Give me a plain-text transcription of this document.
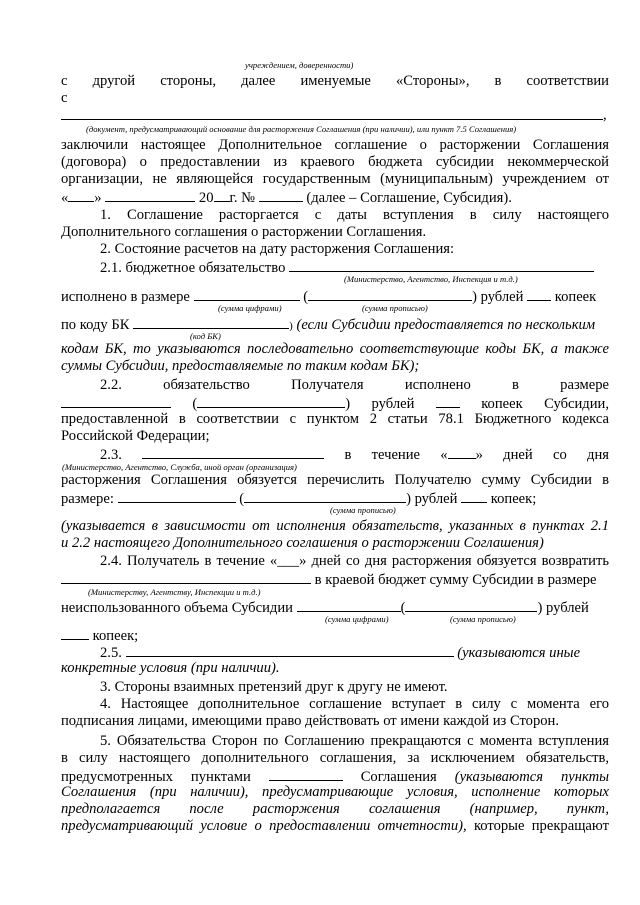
учреждением, доверенности)
с другой стороны, далее именуемые «Стороны», в соответствии
с
,
(документ, предусматривающий основание для расторжения Соглашения (при наличии), или пункт 7.5 Соглашения)
заключили настоящее Дополнительное соглашение о расторжении Соглашения
(договора) о предоставлении из краевого бюджета субсидии некоммерческой
организации, не являющейся государственным (муниципальным) учреждением от
« »	20 г. №	(далее – Соглашение, Субсидия).
1. Соглашение расторгается с даты вступления в силу настоящего
Дополнительного соглашения о расторжении Соглашения.
2. Состояние расчетов на дату расторжения Соглашения:
2.1. бюджетное обязательство
(Министерство, Агентство, Инспекция и т.д.)
исполнено в размере	(	) рублей копеек
(сумма цифрами)	(сумма прописью)
по коду БК	) (если Субсидии предоставляется по нескольким
(код БК)
кодам БК, то указываются последовательно соответствующие коды БК, а также
суммы Субсидии, предоставляемые по таким кодам БК);
2.2. обязательство Получателя исполнено в размере
(	) рублей	копеек Субсидии,
предоставленной в соответствии с пунктом 2 статьи 78.1 Бюджетного кодекса
Российской Федерации;
2.3.	в течение « » дней со дня
(Министерство, Агентство, Служба, иной орган (организация)
расторжения Соглашения обязуется перечислить Получателю сумму Субсидии в
размере:	(	) рублей копеек;
(сумма прописью)
(указывается в зависимости от исполнения обязательств, указанных в пунктах 2.1
и 2.2 настоящего Дополнительного соглашения о расторжении Соглашения)
2.4. Получатель в течение «___» дней со дня расторжения обязуется возвратить
в краевой бюджет сумму Субсидии в размере
(Министерству, Агентству, Инспекции и т.д.)
неиспользованного объема Субсидии	(	) рублей
(сумма цифрами)	(сумма прописью)
копеек;
2.5.	(указываются иные
конкретные условия (при наличии).
3. Стороны взаимных претензий друг к другу не имеют.
4. Настоящее дополнительное соглашение вступает в силу с момента его
подписания лицами, имеющими право действовать от имени каждой из Сторон.
5. Обязательства Сторон по Соглашению прекращаются с момента вступления
в силу настоящего дополнительного соглашения, за исключением обязательств,
предусмотренных пунктами	Соглашения (указываются пункты
Соглашения (при наличии), предусматривающие условия, исполнение которых
предполагается после расторжения соглашения (например, пункт,
предусматривающий условие о предоставлении отчетности), которые прекращают
